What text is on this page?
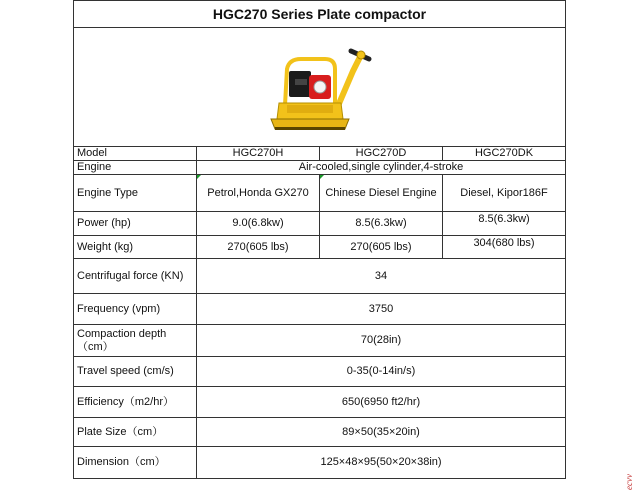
HGC270 Series Plate compactor			

Model	HGC270H	HGC270D	HGC270DK
Engine	Air-cooled,single cylinder,4-stroke		
Engine Type	Petrol,Honda GX270	Chinese Diesel Engine	Diesel, Kipor186F
Power (hp)	9.0(6.8kw)	8.5(6.3kw)	8.5(6.3kw)
Weight (kg)	270(605 lbs)	270(605 lbs)	304(680 lbs)
Centrifugal force (KN)	34		
Frequency (vpm)	3750		
Compaction depth （cm）	70(28in)		
Travel speed (cm/s)	0-35(0-14in/s)		
Efficiency（m2/hr）	650(6950 ft2/hr)		
Plate Size（cm）	89×50(35×20in)		
Dimension（cm）	125×48×95(50×20×38in)		
ecvv
